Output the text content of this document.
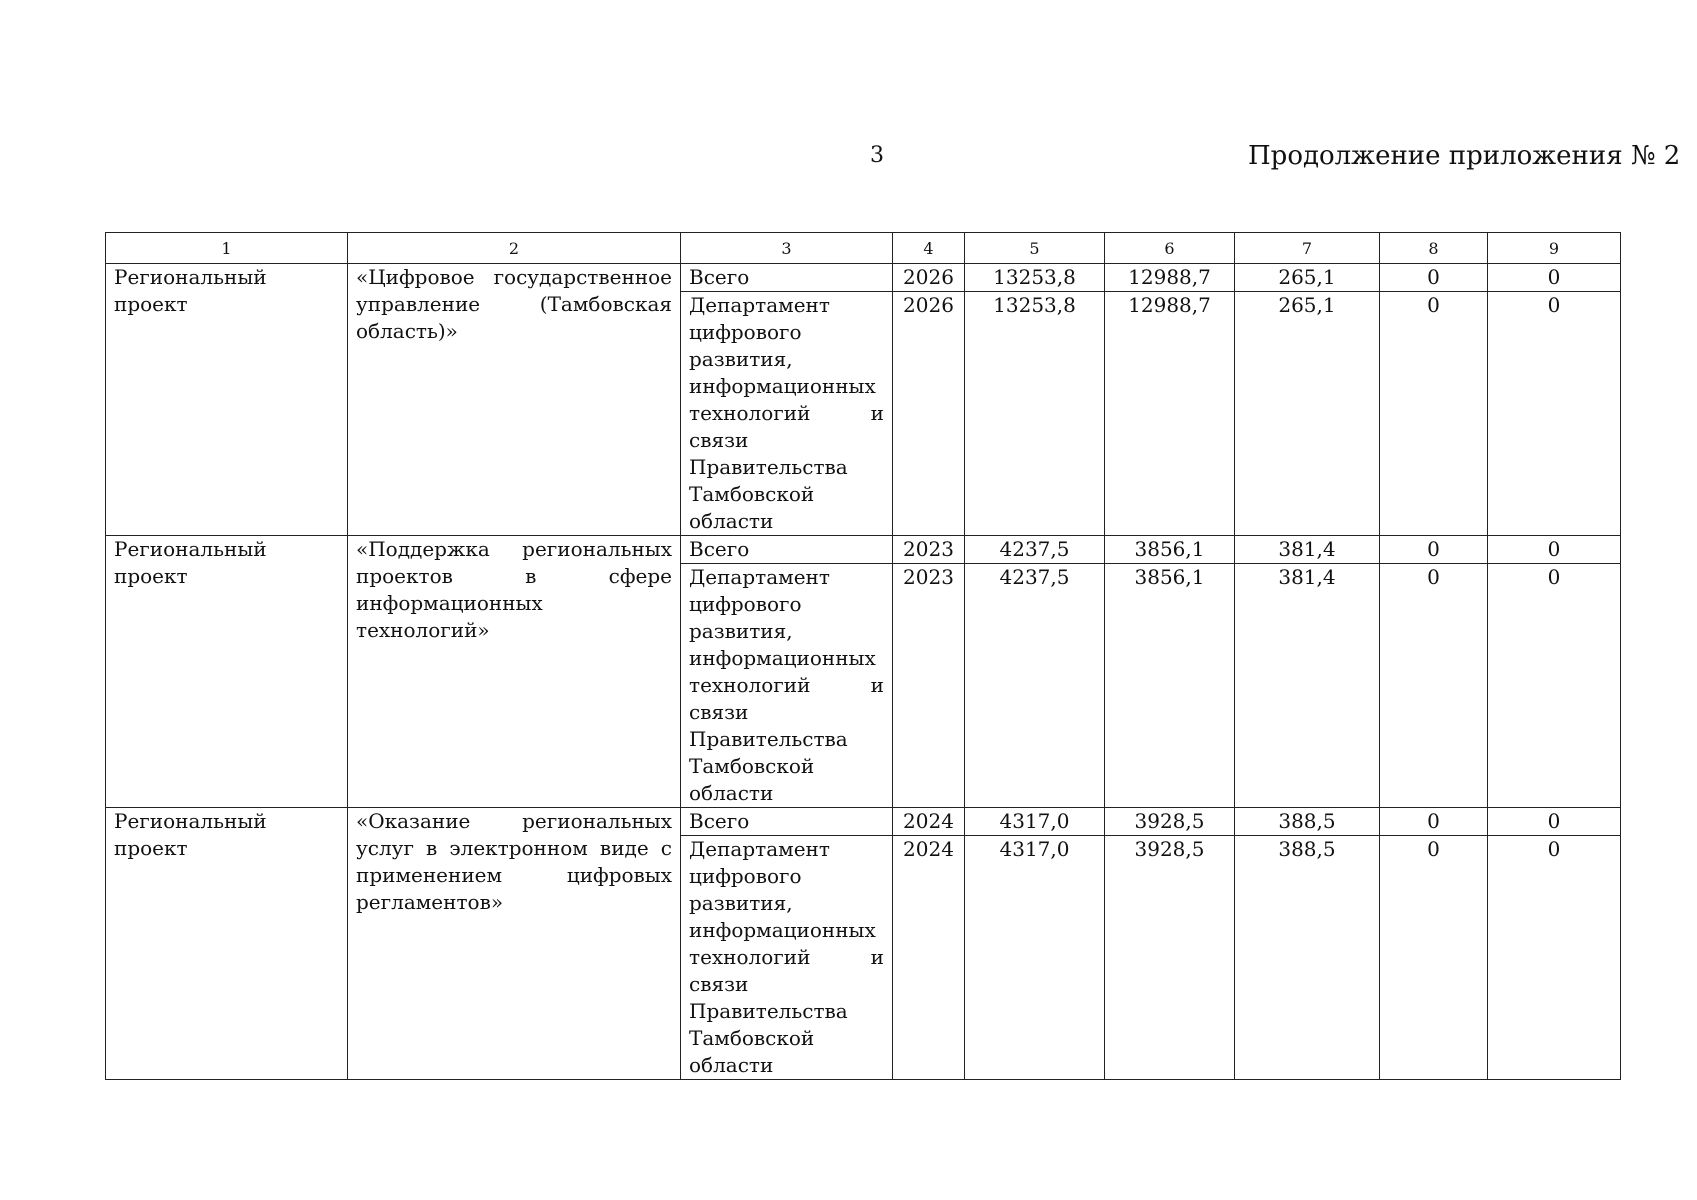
3	Продолжение приложения № 2
1	2	3	4	5	6	7	8	9
Региональный проект	«Цифровое государственное управление (Тамбовская область)»	Всего	2026	13253,8	12988,7	265,1	0	0
		Департамент цифрового развития, информационных технологий и связи Правительства Тамбовской области	2026	13253,8	12988,7	265,1	0	0
Региональный проект	«Поддержка региональных проектов в сфере информационных технологий»	Всего	2023	4237,5	3856,1	381,4	0	0
		Департамент цифрового развития, информационных технологий и связи Правительства Тамбовской области	2023	4237,5	3856,1	381,4	0	0
Региональный проект	«Оказание региональных услуг в электронном виде с применением цифровых регламентов»	Всего	2024	4317,0	3928,5	388,5	0	0
		Департамент цифрового развития, информационных технологий и связи Правительства Тамбовской области	2024	4317,0	3928,5	388,5	0	0
